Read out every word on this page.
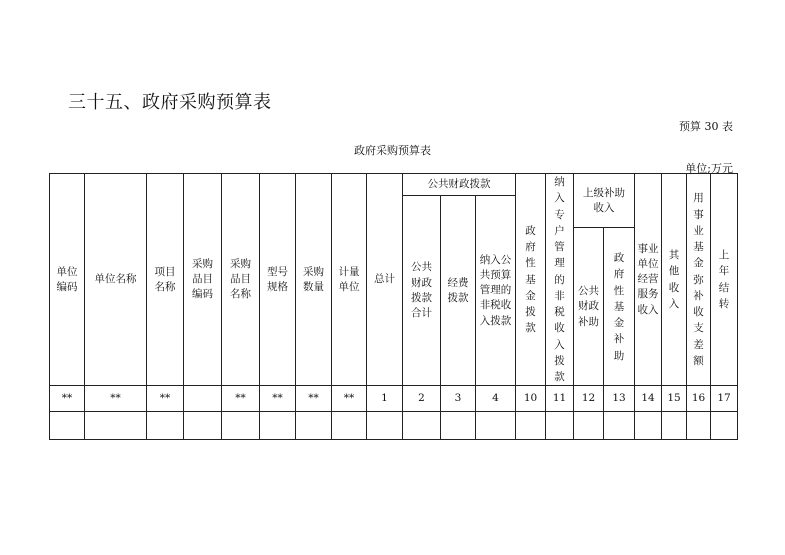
三十五、政府采购预算表
预算 30 表
政府采购预算表
单位;万元
单位编码	单位名称	项目名称	采购品目编码	采购品目名称	型号规格	采购数量	计量单位	总计	公共财政拨款			政府性基金拨款	纳入专户管理的非税收入拨款	上级补助收入		事业单位经营服务收入	其他收入	用事业基金弥补收支差额	上年结转
									公共财政拨款合计	经费拨款	纳入公共预算管理的非税收入拨款								
														公共财政补助	政府性基金补助				
**	**	**		**	**	**	**	1	2	3	4	10	11	12	13	14	15	16	17
